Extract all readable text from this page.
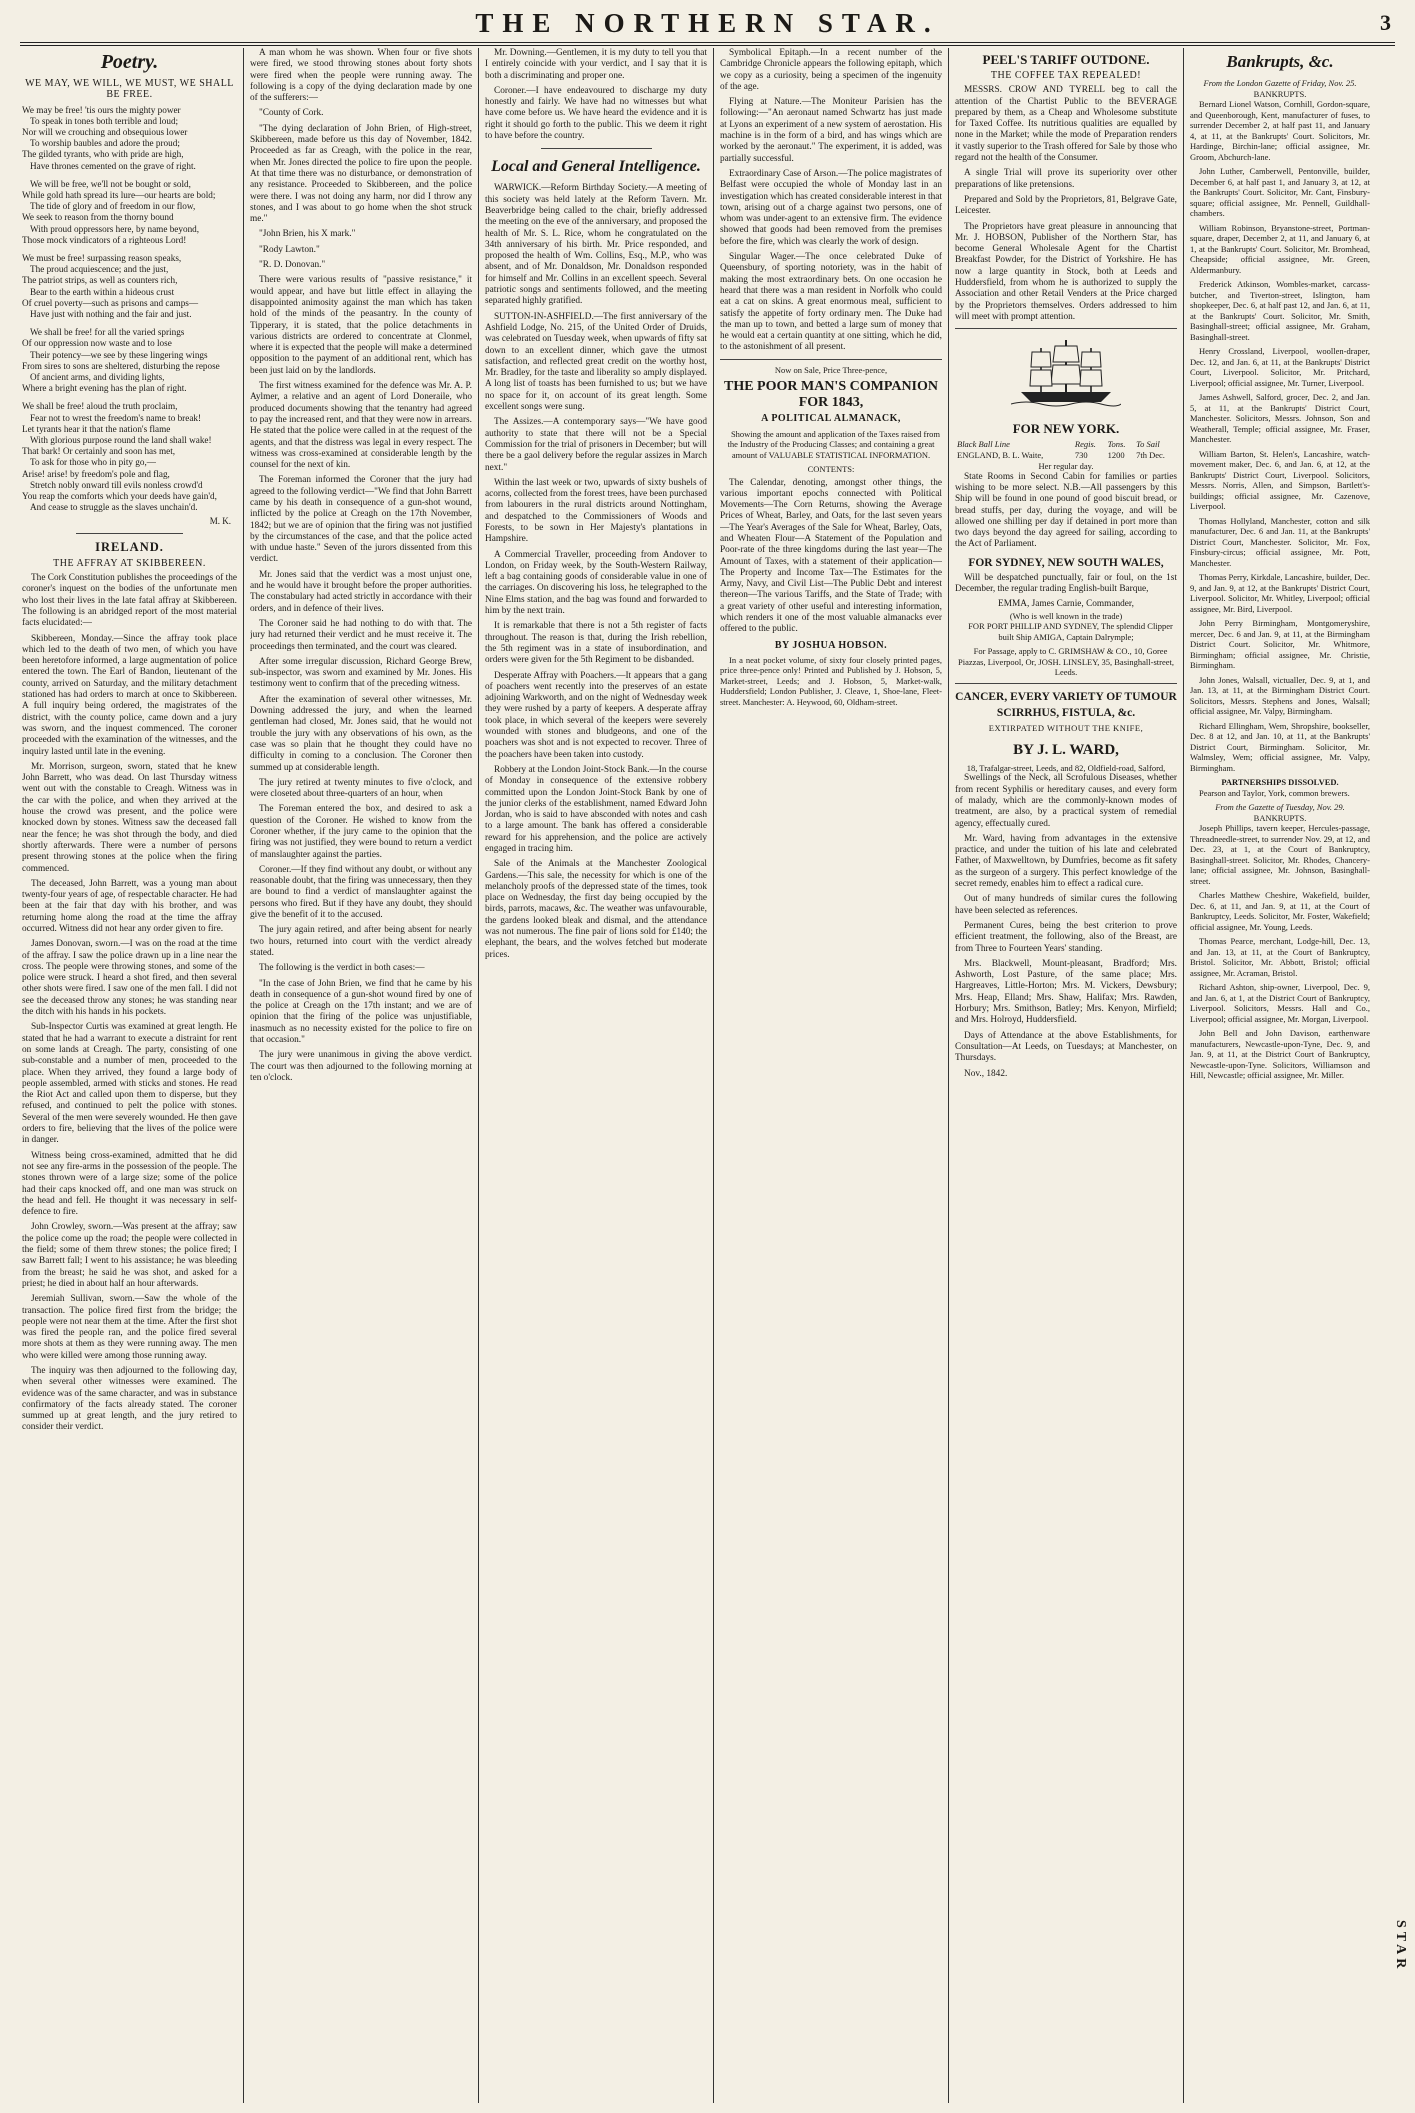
THE NORTHERN STAR.	3
Poetry.
WE MAY, WE WILL, WE MUST, WE SHALL BE FREE.

We may be free! 'tis ours the mighty power

To speak in tones both terrible and loud;

Nor will we crouching and obsequious lower

To worship baubles and adore the proud;

The gilded tyrants, who with pride are high,

Have thrones cemented on the grave of right.

We will be free, we'll not be bought or sold,

While gold hath spread its lure—our hearts are bold;

The tide of glory and of freedom in our flow,

We seek to reason from the thorny bound

With proud oppressors here, by name beyond,

Those mock vindicators of a righteous Lord!

We must be free! surpassing reason speaks,

The proud acquiescence; and the just,

The patriot strips, as well as counters rich,

Bear to the earth within a hideous crust

Of cruel poverty—such as prisons and camps—

Have just with nothing and the fair and just.

We shall be free! for all the varied springs

Of our oppression now waste and to lose

Their potency—we see by these lingering wings

From sires to sons are sheltered, disturbing the repose

Of ancient arms, and dividing lights,

Where a bright evening has the plan of right.

We shall be free! aloud the truth proclaim,

Fear not to wrest the freedom's name to break!

Let tyrants hear it that the nation's flame

With glorious purpose round the land shall wake!

That bark! Or certainly and soon has met,

To ask for those who in pity go,—

Arise! arise! by freedom's pole and flag,

Stretch nobly onward till evils nonless crowd'd

You reap the comforts which your deeds have gain'd,

And cease to struggle as the slaves unchain'd.

M. K.
IRELAND.
THE AFFRAY AT SKIBBEREEN.

The Cork Constitution publishes the proceedings of the coroner's inquest on the bodies of the unfortunate men who lost their lives in the late fatal affray at Skibbereen. The following is an abridged report of the most material facts elucidated:—

Skibbereen, Monday.—Since the affray took place which led to the death of two men, of which you have been heretofore informed, a large augmentation of police entered the town. The Earl of Bandon, lieutenant of the county, arrived on Saturday, and the military detachment stationed has had orders to march at once to Skibbereen. A full inquiry being ordered, the magistrates of the district, with the county police, came down and a jury was sworn, and the inquest commenced. The coroner proceeded with the examination of the witnesses, and the inquiry lasted until late in the evening.

Mr. Morrison, surgeon, sworn, stated that he knew John Barrett, who was dead. On last Thursday witness went out with the constable to Creagh. Witness was in the car with the police, and when they arrived at the house the crowd was present, and the police were knocked down by stones. Witness saw the deceased fall near the fence; he was shot through the body, and died shortly afterwards. There were a number of persons present throwing stones at the police when the firing commenced.

The deceased, John Barrett, was a young man about twenty-four years of age, of respectable character. He had been at the fair that day with his brother, and was returning home along the road at the time the affray occurred. Witness did not hear any order given to fire.

James Donovan, sworn.—I was on the road at the time of the affray. I saw the police drawn up in a line near the cross. The people were throwing stones, and some of the police were struck. I heard a shot fired, and then several other shots were fired. I saw one of the men fall. I did not see the deceased throw any stones; he was standing near the ditch with his hands in his pockets.

Sub-Inspector Curtis was examined at great length. He stated that he had a warrant to execute a distraint for rent on some lands at Creagh. The party, consisting of one sub-constable and a number of men, proceeded to the place. When they arrived, they found a large body of people assembled, armed with sticks and stones. He read the Riot Act and called upon them to disperse, but they refused, and continued to pelt the police with stones. Several of the men were severely wounded. He then gave orders to fire, believing that the lives of the police were in danger.

Witness being cross-examined, admitted that he did not see any fire-arms in the possession of the people. The stones thrown were of a large size; some of the police had their caps knocked off, and one man was struck on the head and fell. He thought it was necessary in self-defence to fire.

John Crowley, sworn.—Was present at the affray; saw the police come up the road; the people were collected in the field; some of them threw stones; the police fired; I saw Barrett fall; I went to his assistance; he was bleeding from the breast; he said he was shot, and asked for a priest; he died in about half an hour afterwards.

Jeremiah Sullivan, sworn.—Saw the whole of the transaction. The police fired first from the bridge; the people were not near them at the time. After the first shot was fired the people ran, and the police fired several more shots at them as they were running away. The men who were killed were among those running away.

The inquiry was then adjourned to the following day, when several other witnesses were examined. The evidence was of the same character, and was in substance confirmatory of the facts already stated. The coroner summed up at great length, and the jury retired to consider their verdict.

A man whom he was shown. When four or five shots were fired, we stood throwing stones about forty shots were fired when the people were running away. The following is a copy of the dying declaration made by one of the sufferers:—

"County of Cork.

"The dying declaration of John Brien, of High-street, Skibbereen, made before us this day of November, 1842. Proceeded as far as Creagh, with the police in the rear, when Mr. Jones directed the police to fire upon the people. At that time there was no disturbance, or demonstration of any resistance. Proceeded to Skibbereen, and the police were there. I was not doing any harm, nor did I throw any stones, and I was about to go home when the shot struck me."

"John Brien, his X mark."

"Rody Lawton."

"R. D. Donovan."

There were various results of "passive resistance," it would appear, and have but little effect in allaying the disappointed animosity against the man which has taken hold of the minds of the peasantry. In the county of Tipperary, it is stated, that the police detachments in various districts are ordered to concentrate at Clonmel, where it is expected that the people will make a determined opposition to the payment of an additional rent, which has been just laid on by the landlords.

The first witness examined for the defence was Mr. A. P. Aylmer, a relative and an agent of Lord Doneraile, who produced documents showing that the tenantry had agreed to pay the increased rent, and that they were now in arrears. He stated that the police were called in at the request of the agents, and that the distress was legal in every respect. The witness was cross-examined at considerable length by the counsel for the next of kin.

The Foreman informed the Coroner that the jury had agreed to the following verdict—"We find that John Barrett came by his death in consequence of a gun-shot wound, inflicted by the police at Creagh on the 17th November, 1842; but we are of opinion that the firing was not justified by the circumstances of the case, and that the police acted with undue haste." Seven of the jurors dissented from this verdict.

Mr. Jones said that the verdict was a most unjust one, and he would have it brought before the proper authorities. The constabulary had acted strictly in accordance with their orders, and in defence of their lives.

The Coroner said he had nothing to do with that. The jury had returned their verdict and he must receive it. The proceedings then terminated, and the court was cleared.

After some irregular discussion, Richard George Brew, sub-inspector, was sworn and examined by Mr. Jones. His testimony went to confirm that of the preceding witness.

After the examination of several other witnesses, Mr. Downing addressed the jury, and when the learned gentleman had closed, Mr. Jones said, that he would not trouble the jury with any observations of his own, as the case was so plain that he thought they could have no difficulty in coming to a conclusion. The Coroner then summed up at considerable length.

The jury retired at twenty minutes to five o'clock, and were closeted about three-quarters of an hour, when

The Foreman entered the box, and desired to ask a question of the Coroner. He wished to know from the Coroner whether, if the jury came to the opinion that the firing was not justified, they were bound to return a verdict of manslaughter against the parties.

Coroner.—If they find without any doubt, or without any reasonable doubt, that the firing was unnecessary, then they are bound to find a verdict of manslaughter against the persons who fired. But if they have any doubt, they should give the benefit of it to the accused.

The jury again retired, and after being absent for nearly two hours, returned into court with the verdict already stated.

The following is the verdict in both cases:—

"In the case of John Brien, we find that he came by his death in consequence of a gun-shot wound fired by one of the police at Creagh on the 17th instant; and we are of opinion that the firing of the police was unjustifiable, inasmuch as no necessity existed for the police to fire on that occasion."

The jury were unanimous in giving the above verdict. The court was then adjourned to the following morning at ten o'clock.

Mr. Downing.—Gentlemen, it is my duty to tell you that I entirely coincide with your verdict, and I say that it is both a discriminating and proper one.

Coroner.—I have endeavoured to discharge my duty honestly and fairly. We have had no witnesses but what have come before us. We have heard the evidence and it is right it should go forth to the public. This we deem it right to have before the country.

Local and General Intelligence.

WARWICK.—Reform Birthday Society.—A meeting of this society was held lately at the Reform Tavern. Mr. Beaverbridge being called to the chair, briefly addressed the meeting on the eve of the anniversary, and proposed the health of Mr. S. L. Rice, whom he congratulated on the 34th anniversary of his birth. Mr. Price responded, and proposed the health of Wm. Collins, Esq., M.P., who was absent, and of Mr. Donaldson, Mr. Donaldson responded for himself and Mr. Collins in an excellent speech. Several patriotic songs and sentiments followed, and the meeting separated highly gratified.

SUTTON-IN-ASHFIELD.—The first anniversary of the Ashfield Lodge, No. 215, of the United Order of Druids, was celebrated on Tuesday week, when upwards of fifty sat down to an excellent dinner, which gave the utmost satisfaction, and reflected great credit on the worthy host, Mr. Bradley, for the taste and liberality so amply displayed. A long list of toasts has been furnished to us; but we have no space for it, on account of its great length. Some excellent songs were sung.

The Assizes.—A contemporary says—"We have good authority to state that there will not be a Special Commission for the trial of prisoners in December; but will there be a gaol delivery before the regular assizes in March next."

Within the last week or two, upwards of sixty bushels of acorns, collected from the forest trees, have been purchased from labourers in the rural districts around Nottingham, and despatched to the Commissioners of Woods and Forests, to be sown in Her Majesty's plantations in Hampshire.

A Commercial Traveller, proceeding from Andover to London, on Friday week, by the South-Western Railway, left a bag containing goods of considerable value in one of the carriages. On discovering his loss, he telegraphed to the Nine Elms station, and the bag was found and forwarded to him by the next train.

It is remarkable that there is not a 5th register of facts throughout. The reason is that, during the Irish rebellion, the 5th regiment was in a state of insubordination, and orders were given for the 5th Regiment to be disbanded.

Desperate Affray with Poachers.—It appears that a gang of poachers went recently into the preserves of an estate adjoining Warkworth, and on the night of Wednesday week they were rushed by a party of keepers. A desperate affray took place, in which several of the keepers were severely wounded with stones and bludgeons, and one of the poachers was shot and is not expected to recover. Three of the poachers have been taken into custody.

Robbery at the London Joint-Stock Bank.—In the course of Monday in consequence of the extensive robbery committed upon the London Joint-Stock Bank by one of the junior clerks of the establishment, named Edward John Jordan, who is said to have absconded with notes and cash to a large amount. The bank has offered a considerable reward for his apprehension, and the police are actively engaged in tracing him.

Sale of the Animals at the Manchester Zoological Gardens.—This sale, the necessity for which is one of the melancholy proofs of the depressed state of the times, took place on Wednesday, the first day being occupied by the birds, parrots, macaws, &c. The weather was unfavourable, the gardens looked bleak and dismal, and the attendance was not numerous. The fine pair of lions sold for £140; the elephant, the bears, and the wolves fetched but moderate prices.

Symbolical Epitaph.—In a recent number of the Cambridge Chronicle appears the following epitaph, which we copy as a curiosity, being a specimen of the ingenuity of the age.

Flying at Nature.—The Moniteur Parisien has the following:—"An aeronaut named Schwartz has just made at Lyons an experiment of a new system of aerostation. His machine is in the form of a bird, and has wings which are worked by the aeronaut." The experiment, it is added, was partially successful.

Extraordinary Case of Arson.—The police magistrates of Belfast were occupied the whole of Monday last in an investigation which has created considerable interest in that town, arising out of a charge against two persons, one of whom was under-agent to an extensive firm. The evidence showed that goods had been removed from the premises before the fire, which was clearly the work of design.

Singular Wager.—The once celebrated Duke of Queensbury, of sporting notoriety, was in the habit of making the most extraordinary bets. On one occasion he heard that there was a man resident in Norfolk who could eat a cat on skins. A great enormous meal, sufficient to satisfy the appetite of forty ordinary men. The Duke had the man up to town, and betted a large sum of money that he would eat a certain quantity at one sitting, which he did, to the astonishment of all present.

Now on Sale, Price Three-pence,
THE POOR MAN'S COMPANION FOR 1843,
A POLITICAL ALMANACK,

Showing the amount and application of the Taxes raised from the Industry of the Producing Classes; and containing a great amount of VALUABLE STATISTICAL INFORMATION.

CONTENTS:

The Calendar, denoting, amongst other things, the various important epochs connected with Political Movements—The Corn Returns, showing the Average Prices of Wheat, Barley, and Oats, for the last seven years—The Year's Averages of the Sale for Wheat, Barley, Oats, and Wheaten Flour—A Statement of the Population and Poor-rate of the three kingdoms during the last year—The Amount of Taxes, with a statement of their application—The Property and Income Tax—The Estimates for the Army, Navy, and Civil List—The Public Debt and interest thereon—The various Tariffs, and the State of Trade; with a great variety of other useful and interesting information, which renders it one of the most valuable almanacks ever offered to the public.

BY JOSHUA HOBSON.

In a neat pocket volume, of sixty four closely printed pages, price three-pence only! Printed and Published by J. Hobson, 5, Market-street, Leeds; and J. Hobson, 5, Market-walk, Huddersfield; London Publisher, J. Cleave, 1, Shoe-lane, Fleet-street. Manchester: A. Heywood, 60, Oldham-street.

PEEL'S TARIFF OUTDONE.
THE COFFEE TAX REPEALED!

MESSRS. CROW AND TYRELL beg to call the attention of the Chartist Public to the BEVERAGE prepared by them, as a Cheap and Wholesome substitute for Taxed Coffee. Its nutritious qualities are equalled by none in the Market; while the mode of Preparation renders it vastly superior to the Trash offered for Sale by those who regard not the health of the Consumer.

A single Trial will prove its superiority over other preparations of like pretensions.

Prepared and Sold by the Proprietors, 81, Belgrave Gate, Leicester.

The Proprietors have great pleasure in announcing that Mr. J. HOBSON, Publisher of the Northern Star, has become General Wholesale Agent for the Chartist Breakfast Powder, for the District of Yorkshire. He has now a large quantity in Stock, both at Leeds and Huddersfield, from whom he is authorized to supply the Association and other Retail Venders at the Price charged by the Proprietors themselves. Orders addressed to him will meet with prompt attention.

FOR NEW YORK.
Black Ball Line	Regis.	Tons.	To Sail
ENGLAND, B. L. Waite,	730	1200	7th Dec.
Her regular day.

State Rooms in Second Cabin for families or parties wishing to be more select. N.B.—All passengers by this Ship will be found in one pound of good biscuit bread, or bread stuffs, per day, during the voyage, and will be allowed one shilling per day if detained in port more than two days beyond the day agreed for sailing, according to the Act of Parliament.

FOR SYDNEY, NEW SOUTH WALES,

Will be despatched punctually, fair or foul, on the 1st December, the regular trading English-built Barque,

EMMA, James Carnie, Commander,
(Who is well known in the trade)

FOR PORT PHILLIP AND SYDNEY, The splendid Clipper built Ship AMIGA, Captain Dalrymple;

For Passage, apply to C. GRIMSHAW & CO., 10, Goree Piazzas, Liverpool, Or, JOSH. LINSLEY, 35, Basinghall-street, Leeds.

CANCER, EVERY VARIETY OF TUMOUR SCIRRHUS, FISTULA, &c.
EXTIRPATED WITHOUT THE KNIFE,
BY J. L. WARD,
18, Trafalgar-street, Leeds, and 82, Oldfield-road, Salford,

Swellings of the Neck, all Scrofulous Diseases, whether from recent Syphilis or hereditary causes, and every form of malady, which are the commonly-known modes of treatment, are also, by a practical system of remedial agency, effectually cured.

Mr. Ward, having from advantages in the extensive practice, and under the tuition of his late and celebrated Father, of Maxwelltown, by Dumfries, become as fit safety as the surgeon of a surgery. This perfect knowledge of the secret remedy, enables him to effect a radical cure.

Out of many hundreds of similar cures the following have been selected as references.

Permanent Cures, being the best criterion to prove efficient treatment, the following, also of the Breast, are from Three to Fourteen Years' standing.

Mrs. Blackwell, Mount-pleasant, Bradford; Mrs. Ashworth, Lost Pasture, of the same place; Mrs. Hargreaves, Little-Horton; Mrs. M. Vickers, Dewsbury; Mrs. Heap, Elland; Mrs. Shaw, Halifax; Mrs. Rawden, Horbury; Mrs. Smithson, Batley; Mrs. Kenyon, Mirfield; and Mrs. Holroyd, Huddersfield.

Days of Attendance at the above Establishments, for Consultation—At Leeds, on Tuesdays; at Manchester, on Thursdays.

Nov., 1842.

Bankrupts, &c.
From the London Gazette of Friday, Nov. 25.
BANKRUPTS.

Bernard Lionel Watson, Cornhill, Gordon-square, and Queenborough, Kent, manufacturer of fuses, to surrender December 2, at half past 11, and January 4, at 11, at the Bankrupts' Court. Solicitors, Mr. Hardinge, Birchin-lane; official assignee, Mr. Groom, Abchurch-lane.

John Luther, Camberwell, Pentonville, builder, December 6, at half past 1, and January 3, at 12, at the Bankrupts' Court. Solicitor, Mr. Cant, Finsbury-square; official assignee, Mr. Pennell, Guildhall-chambers.

William Robinson, Bryanstone-street, Portman-square, draper, December 2, at 11, and January 6, at 1, at the Bankrupts' Court. Solicitor, Mr. Bromhead, Cheapside; official assignee, Mr. Green, Aldermanbury.

Frederick Atkinson, Wombles-market, carcass-butcher, and Tiverton-street, Islington, ham shopkeeper, Dec. 6, at half past 12, and Jan. 6, at 11, at the Bankrupts' Court. Solicitor, Mr. Smith, Basinghall-street; official assignee, Mr. Graham, Basinghall-street.

Henry Crossland, Liverpool, woollen-draper, Dec. 12, and Jan. 6, at 11, at the Bankrupts' District Court, Liverpool. Solicitor, Mr. Pritchard, Liverpool; official assignee, Mr. Turner, Liverpool.

James Ashwell, Salford, grocer, Dec. 2, and Jan. 5, at 11, at the Bankrupts' District Court, Manchester. Solicitors, Messrs. Johnson, Son and Weatherall, Temple; official assignee, Mr. Fraser, Manchester.

William Barton, St. Helen's, Lancashire, watch-movement maker, Dec. 6, and Jan. 6, at 12, at the Bankrupts' District Court, Liverpool. Solicitors, Messrs. Norris, Allen, and Simpson, Bartlett's-buildings; official assignee, Mr. Cazenove, Liverpool.

Thomas Hollyland, Manchester, cotton and silk manufacturer, Dec. 6 and Jan. 11, at the Bankrupts' District Court, Manchester. Solicitor, Mr. Fox, Finsbury-circus; official assignee, Mr. Pott, Manchester.

Thomas Perry, Kirkdale, Lancashire, builder, Dec. 9, and Jan. 9, at 12, at the Bankrupts' District Court, Liverpool. Solicitor, Mr. Whitley, Liverpool; official assignee, Mr. Bird, Liverpool.

John Perry Birmingham, Montgomeryshire, mercer, Dec. 6 and Jan. 9, at 11, at the Birmingham District Court. Solicitor, Mr. Whitmore, Birmingham; official assignee, Mr. Christie, Birmingham.

John Jones, Walsall, victualler, Dec. 9, at 1, and Jan. 13, at 11, at the Birmingham District Court. Solicitors, Messrs. Stephens and Jones, Walsall; official assignee, Mr. Valpy, Birmingham.

Richard Ellingham, Wem, Shropshire, bookseller, Dec. 8 at 12, and Jan. 10, at 11, at the Bankrupts' District Court, Birmingham. Solicitor, Mr. Walmsley, Wem; official assignee, Mr. Valpy, Birmingham.

PARTNERSHIPS DISSOLVED.

Pearson and Taylor, York, common brewers.

From the Gazette of Tuesday, Nov. 29.
BANKRUPTS.

Joseph Phillips, tavern keeper, Hercules-passage, Threadneedle-street, to surrender Nov. 29, at 12, and Dec. 23, at 1, at the Court of Bankruptcy, Basinghall-street. Solicitor, Mr. Rhodes, Chancery-lane; official assignee, Mr. Johnson, Basinghall-street.

Charles Matthew Cheshire, Wakefield, builder, Dec. 6, at 11, and Jan. 9, at 11, at the Court of Bankruptcy, Leeds. Solicitor, Mr. Foster, Wakefield; official assignee, Mr. Young, Leeds.

Thomas Pearce, merchant, Lodge-hill, Dec. 13, and Jan. 13, at 11, at the Court of Bankruptcy, Bristol. Solicitor, Mr. Abbott, Bristol; official assignee, Mr. Acraman, Bristol.

Richard Ashton, ship-owner, Liverpool, Dec. 9, and Jan. 6, at 1, at the District Court of Bankruptcy, Liverpool. Solicitors, Messrs. Hall and Co., Liverpool; official assignee, Mr. Morgan, Liverpool.

John Bell and John Davison, earthenware manufacturers, Newcastle-upon-Tyne, Dec. 9, and Jan. 9, at 11, at the District Court of Bankruptcy, Newcastle-upon-Tyne. Solicitors, Williamson and Hill, Newcastle; official assignee, Mr. Miller.

STAR
